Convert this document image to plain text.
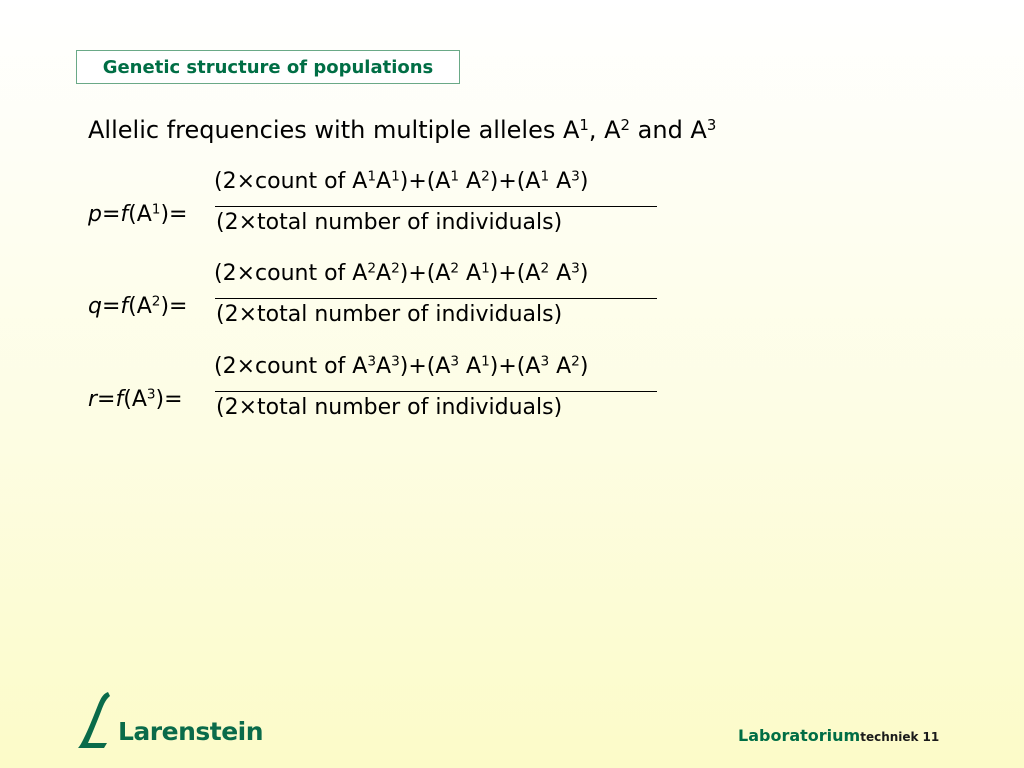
Genetic structure of populations
Allelic frequencies with multiple alleles $A^1$, $A^2$ and $A^3$
$p=f(A^1)=$
(2×count of $A^1A^1)+(A^1$ $A^2)+(A^1$ $A^3$)
(2×total number of individuals)
$q=f(A^2)=$
(2×count of $A^2A^2)+(A^2$ $A^1)+(A^2$ $A^3$)
(2×total number of individuals)
$r=f(A^3)=$
(2×count of $A^3A^3)+(A^3$ $A^1)+(A^3$ $A^2$)
(2×total number of individuals)
Larenstein	Laboratoriumtechniek 11
